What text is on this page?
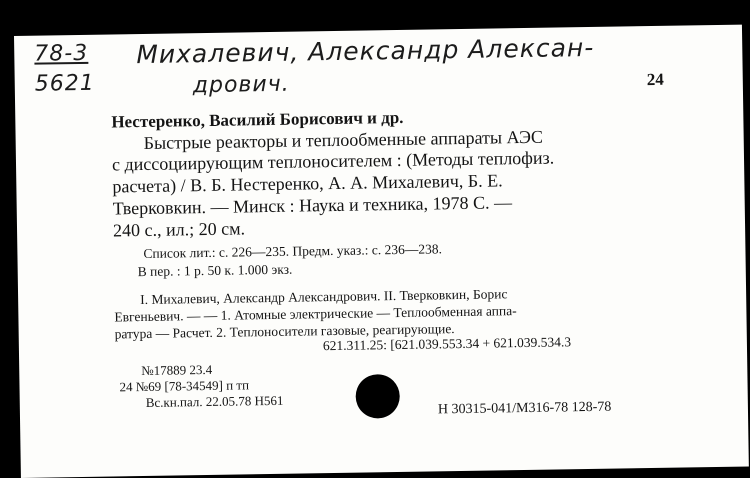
78-3
5621
Михалевич, Александр Алексан-
дрович.	24
Нестеренко, Василий Борисович и др.
Быстрые реакторы и теплообменные аппараты АЭС
с диссоциирующим теплоносителем : (Методы теплофиз.
расчета) / В. Б. Нестеренко, А. А. Михалевич, Б. Е.
Тверковкин. — Минск : Наука и техника, 1978 С. —
240 с., ил.; 20 см.
Список лит.: с. 226—235. Предм. указ.: с. 236—238.
В пер. : 1 р. 50 к. 1.000 экз.
I. Михалевич, Александр Александрович. II. Тверковкин, Борис
Евгеньевич. — — 1. Атомные электрические — Теплообменная аппа-
ратура — Расчет. 2. Теплоносители газовые, реагирующие.
621.311.25: [621.039.553.34 + 621.039.534.3
№17889 23.4
24 №69 [78-34549] п тп
Вс.кн.пал. 22.05.78 Н561	Н 30315-041/М316-78 128-78
